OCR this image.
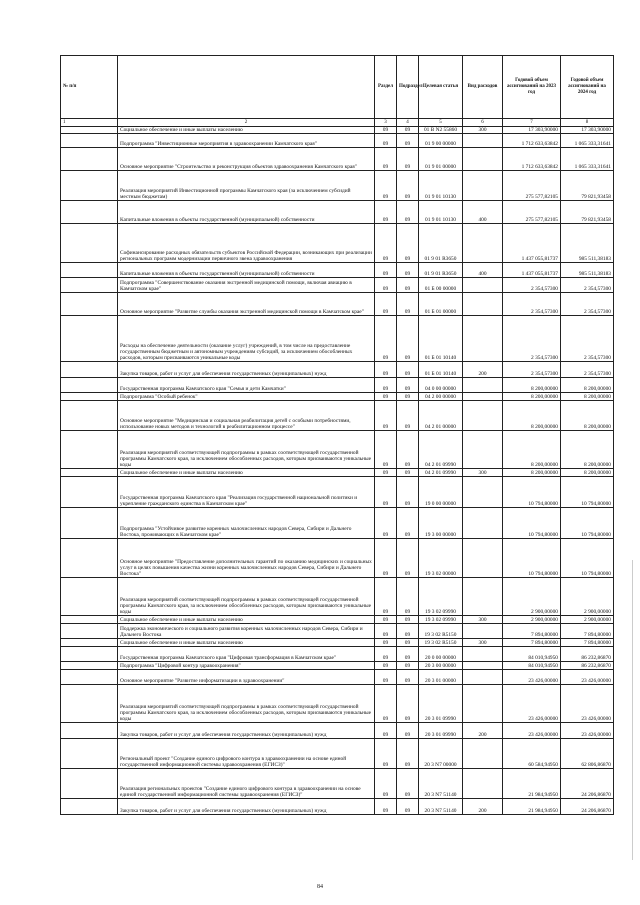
№ п/п		Раздел	Подраздел	Целевая статья	Вид расходов	Годовой объем ассигнований на 2023 год	Годовой объем ассигнований на 2024 год
1	2	3	4	5	6	7	8
	Социальное обеспечение и иные выплаты населению	09	09	01 В N2 55860	300	17 303,90000	17 303,90000
	Подпрограмма "Инвестиционные мероприятия в здравоохранении Камчатского края"	09	09	01 9 00 00000		1 712 633,63842	1 065 333,31641
	Основное мероприятие "Строительство и реконструкция объектов здравоохранения Камчатского края"	09	09	01 9 01 00000		1 712 633,63842	1 065 333,31641
	Реализация мероприятий Инвестиционной программы Камчатского края (за исключением субсидий местным бюджетам)	09	09	01 9 01 10130		275 577,82105	79 821,93458
	Капитальные вложения в объекты государственной (муниципальной) собственности	09	09	01 9 01 10130	400	275 577,82105	79 821,93458
	Софинансирование расходных обязательств субъектов Российской Федерации, возникающих при реализации региональных программ модернизации первичного звена здравоохранения	09	09	01 9 01 R3650		1 437 055,81737	985 511,38183
	Капитальные вложения в объекты государственной (муниципальной) собственности	09	09	01 9 01 R3650	400	1 437 055,81737	985 511,38183
	Подпрограмма "Совершенствование оказания экстренной медицинской помощи, включая авиацию в Камчатском крае"	09	09	01 Б 00 00000		2 354,57300	2 354,57300
	Основное мероприятие "Развитие службы оказания экстренной медицинской помощи в Камчатском крае"	09	09	01 Б 01 00000		2 354,57300	2 354,57300
	Расходы на обеспечение деятельности (оказание услуг) учреждений, в том числе на предоставление государственным бюджетным и автономным учреждениям субсидий, за исключением обособленных расходов, которым присваиваются уникальные коды	09	09	01 Б 01 10140		2 354,57300	2 354,57300
	Закупка товаров, работ и услуг для обеспечения государственных (муниципальных) нужд	09	09	01 Б 01 10140	200	2 354,57300	2 354,57300
	Государственная программа Камчатского края "Семья и дети Камчатки"	09	09	04 0 00 00000		8 200,00000	8 200,00000
	Подпрограмма "Особый ребенок"	09	09	04 2 00 00000		8 200,00000	8 200,00000
	Основное мероприятие "Медицинская и социальная реабилитация детей с особыми потребностями, использование новых методов и технологий в реабилитационном процессе"	09	09	04 2 01 00000		8 200,00000	8 200,00000
	Реализация мероприятий соответствующей подпрограммы в рамках соответствующей государственной программы Камчатского края, за исключением обособленных расходов, которым присваиваются уникальные коды	09	09	04 2 01 09990		8 200,00000	8 200,00000
	Социальное обеспечение и иные выплаты населению	09	09	04 2 01 09990	300	8 200,00000	8 200,00000
	Государственная программа Камчатского края "Реализация государственной национальной политики и укрепление гражданского единства в Камчатском крае"	09	09	19 0 00 00000		10 794,80000	10 794,80000
	Подпрограмма "Устойчивое развитие коренных малочисленных народов Севера, Сибири и Дальнего Востока, проживающих в Камчатском крае"	09	09	19 3 00 00000		10 794,80000	10 794,80000
	Основное мероприятие "Предоставление дополнительных гарантий по оказанию медицинских и социальных услуг в целях повышения качества жизни коренных малочисленных народов Севера, Сибири и Дальнего Востока"	09	09	19 3 02 00000		10 794,80000	10 794,80000
	Реализация мероприятий соответствующей подпрограммы в рамках соответствующей государственной программы Камчатского края, за исключением обособленных расходов, которым присваиваются уникальные коды	09	09	19 3 02 09990		2 900,00000	2 900,00000
	Социальное обеспечение и иные выплаты населению	09	09	19 3 02 09990	300	2 900,00000	2 900,00000
	Поддержка экономического и социального развития коренных малочисленных народов Севера, Сибири и Дальнего Востока	09	09	19 3 02 R5150		7 894,80000	7 894,80000
	Социальное обеспечение и иные выплаты населению	09	09	19 3 02 R5150	300	7 894,80000	7 894,80000
	Государственная программа Камчатского края "Цифровая трансформация в Камчатском крае"	09	09	20 0 00 00000		84 010,94950	86 232,86870
	Подпрограмма "Цифровой контур здравоохранения"	09	09	20 3 00 00000		84 010,94950	86 232,86870
	Основное мероприятие "Развитие информатизации в здравоохранении"	09	09	20 3 01 00000		23 426,00000	23 426,00000
	Реализация мероприятий соответствующей подпрограммы в рамках соответствующей государственной программы Камчатского края, за исключением обособленных расходов, которым присваиваются уникальные коды	09	09	20 3 01 09990		23 426,00000	23 426,00000
	Закупка товаров, работ и услуг для обеспечения государственных (муниципальных) нужд	09	09	20 3 01 09990	200	23 426,00000	23 426,00000
	Региональный проект "Создание единого цифрового контура в здравоохранении на основе единой государственной информационной системы здравоохранения (ЕГИСЗ)"	09	09	20 3 N7 00000		60 584,94950	62 806,86870
	Реализация региональных проектов "Создание единого цифрового контура в здравоохранении на основе единой государственной информационной системы здравоохранения (ЕГИСЗ)"	09	09	20 3 N7 51140		21 984,94950	24 206,86870
	Закупка товаров, работ и услуг для обеспечения государственных (муниципальных) нужд	09	09	20 3 N7 51140	200	21 984,94950	24 206,86870
84
